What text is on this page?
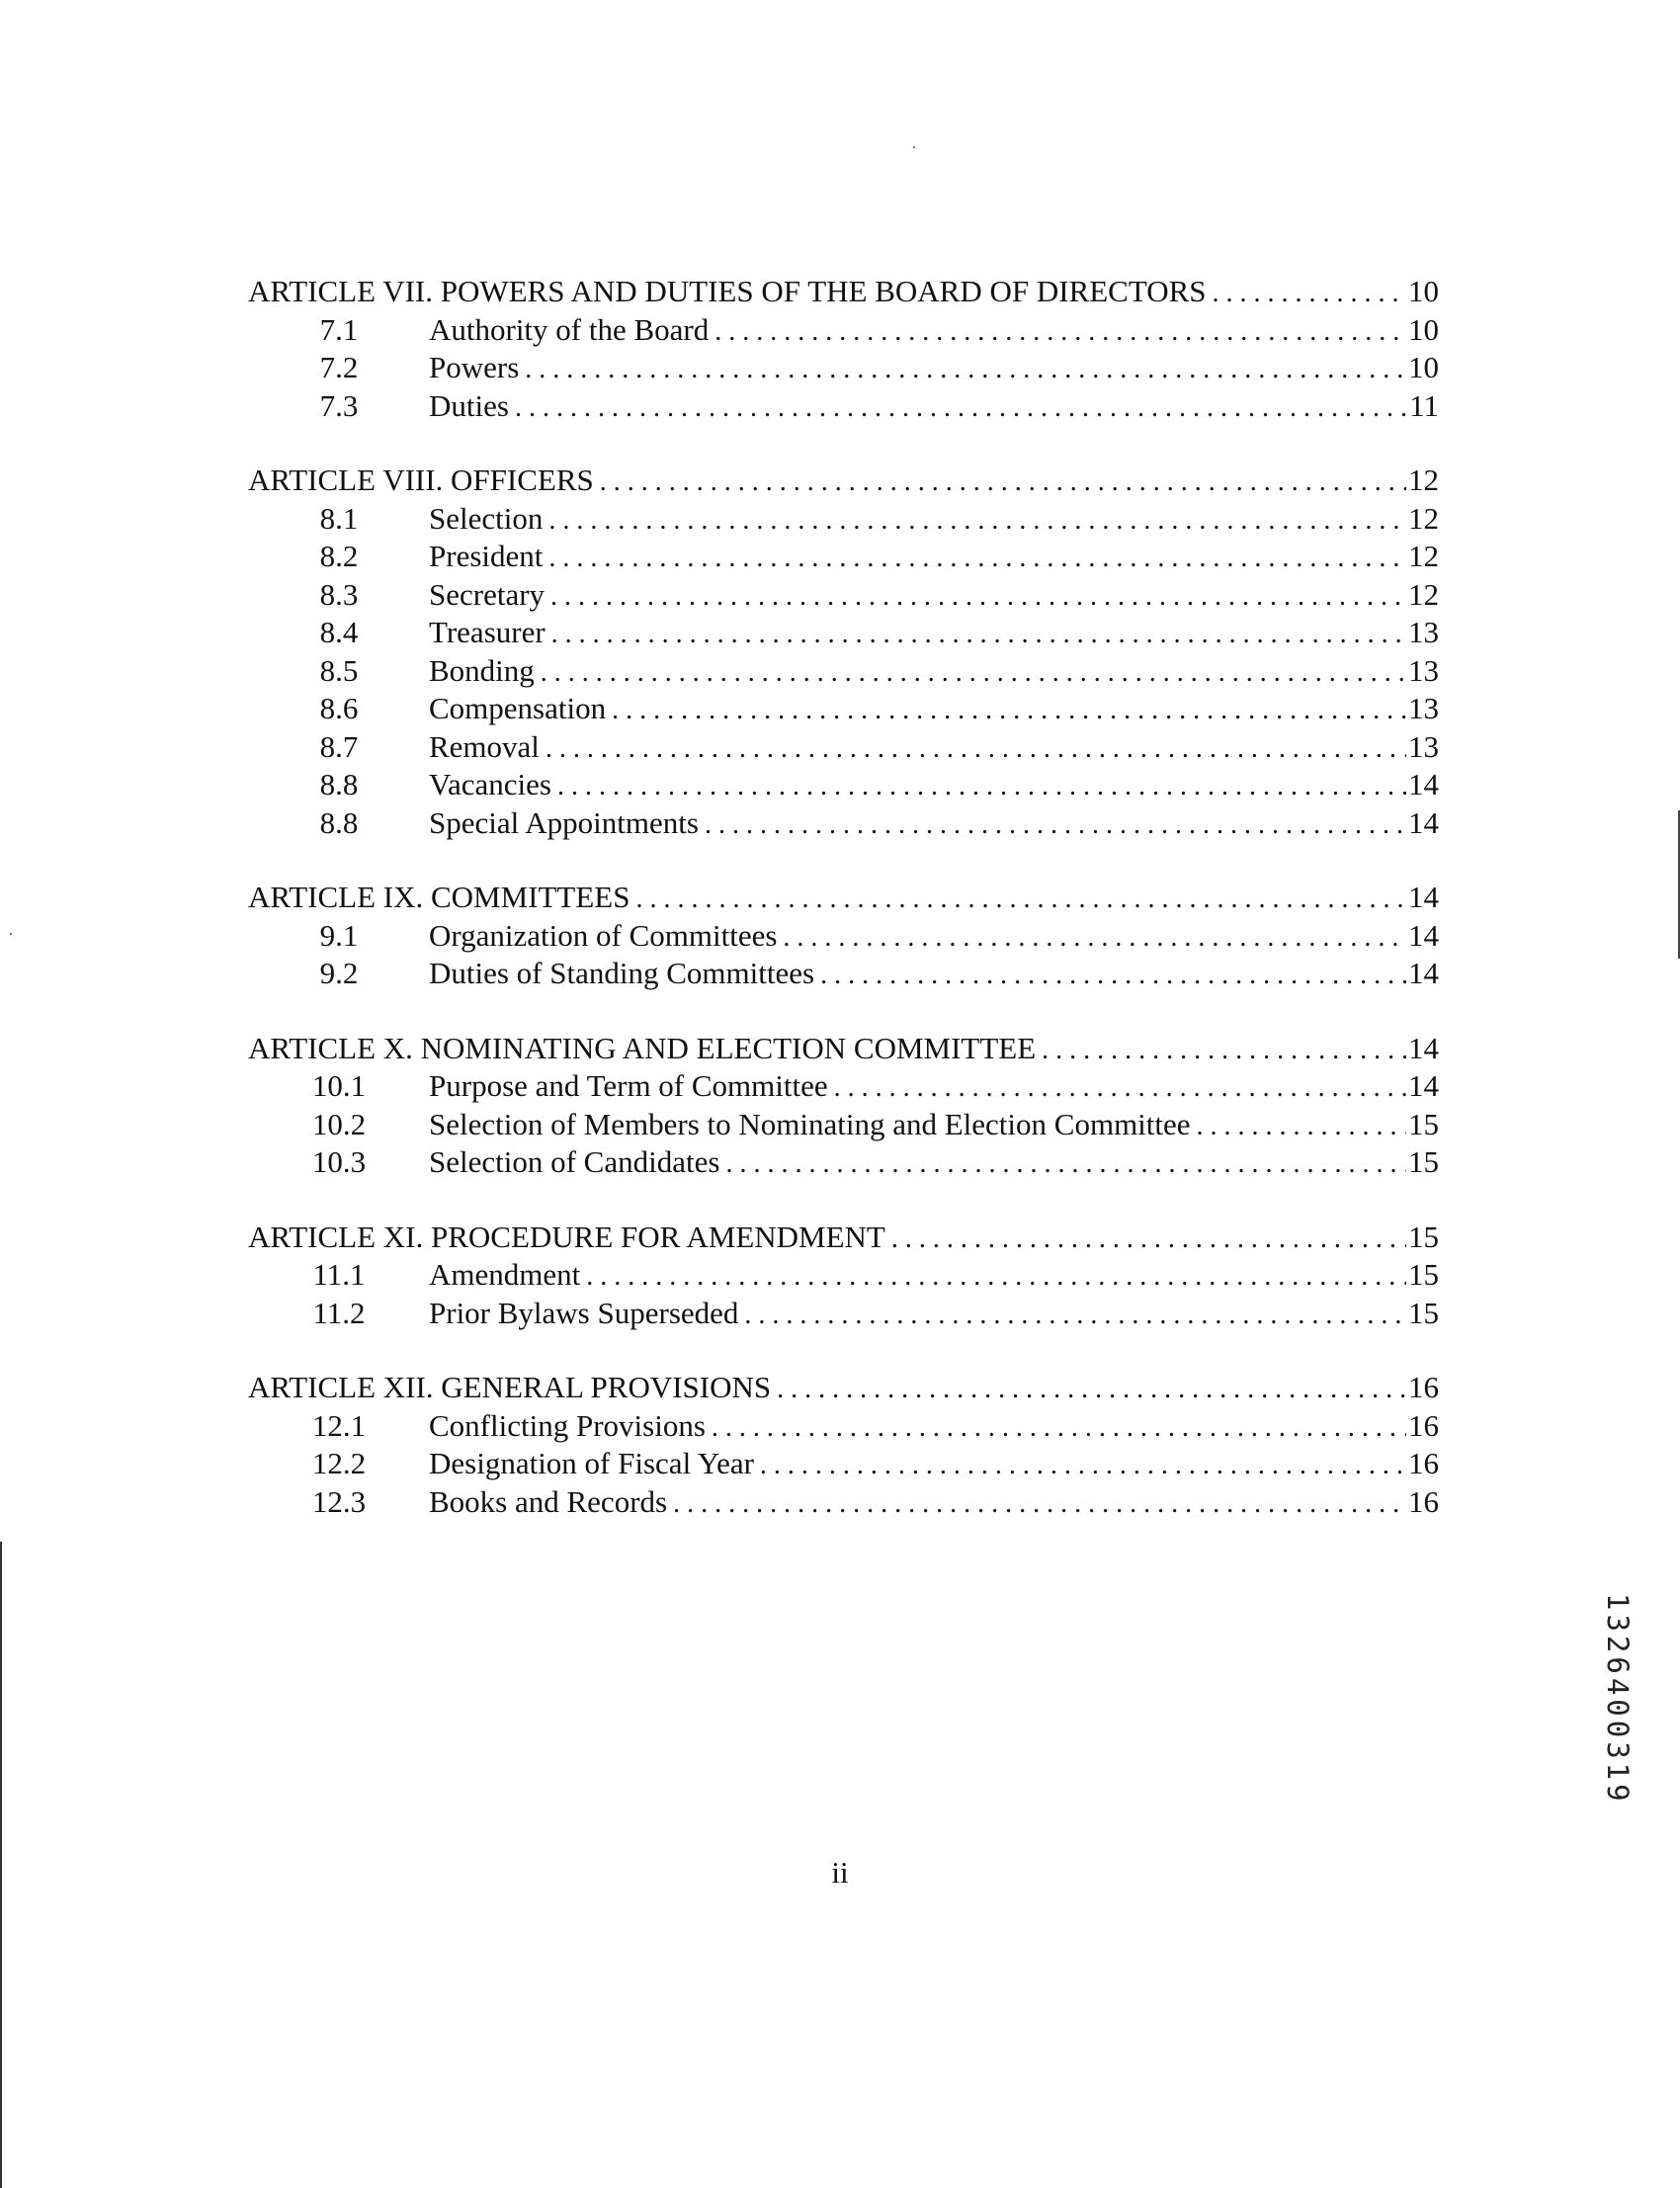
ARTICLE VII. POWERS AND DUTIES OF THE BOARD OF DIRECTORS . . .	10
7.1 Authority of the Board . . .	10
7.2 Powers . . .	10
7.3 Duties . . .	11
ARTICLE VIII. OFFICERS . . .	12
8.1 Selection . . .	12
8.2 President . . .	12
8.3 Secretary . . .	12
8.4 Treasurer . . .	13
8.5 Bonding . . .	13
8.6 Compensation . . .	13
8.7 Removal . . .	13
8.8 Vacancies . . .	14
8.8 Special Appointments . . .	14
ARTICLE IX. COMMITTEES . . .	14
9.1 Organization of Committees . . .	14
9.2 Duties of Standing Committees . . .	14
ARTICLE X. NOMINATING AND ELECTION COMMITTEE . . .	14
10.1 Purpose and Term of Committee . . .	14
10.2 Selection of Members to Nominating and Election Committee . . .	15
10.3 Selection of Candidates . . .	15
ARTICLE XI. PROCEDURE FOR AMENDMENT . . .	15
11.1 Amendment . . .	15
11.2 Prior Bylaws Superseded . . .	15
ARTICLE XII. GENERAL PROVISIONS . . .	16
12.1 Conflicting Provisions . . .	16
12.2 Designation of Fiscal Year . . .	16
12.3 Books and Records . . .	16
ii
1326400319
